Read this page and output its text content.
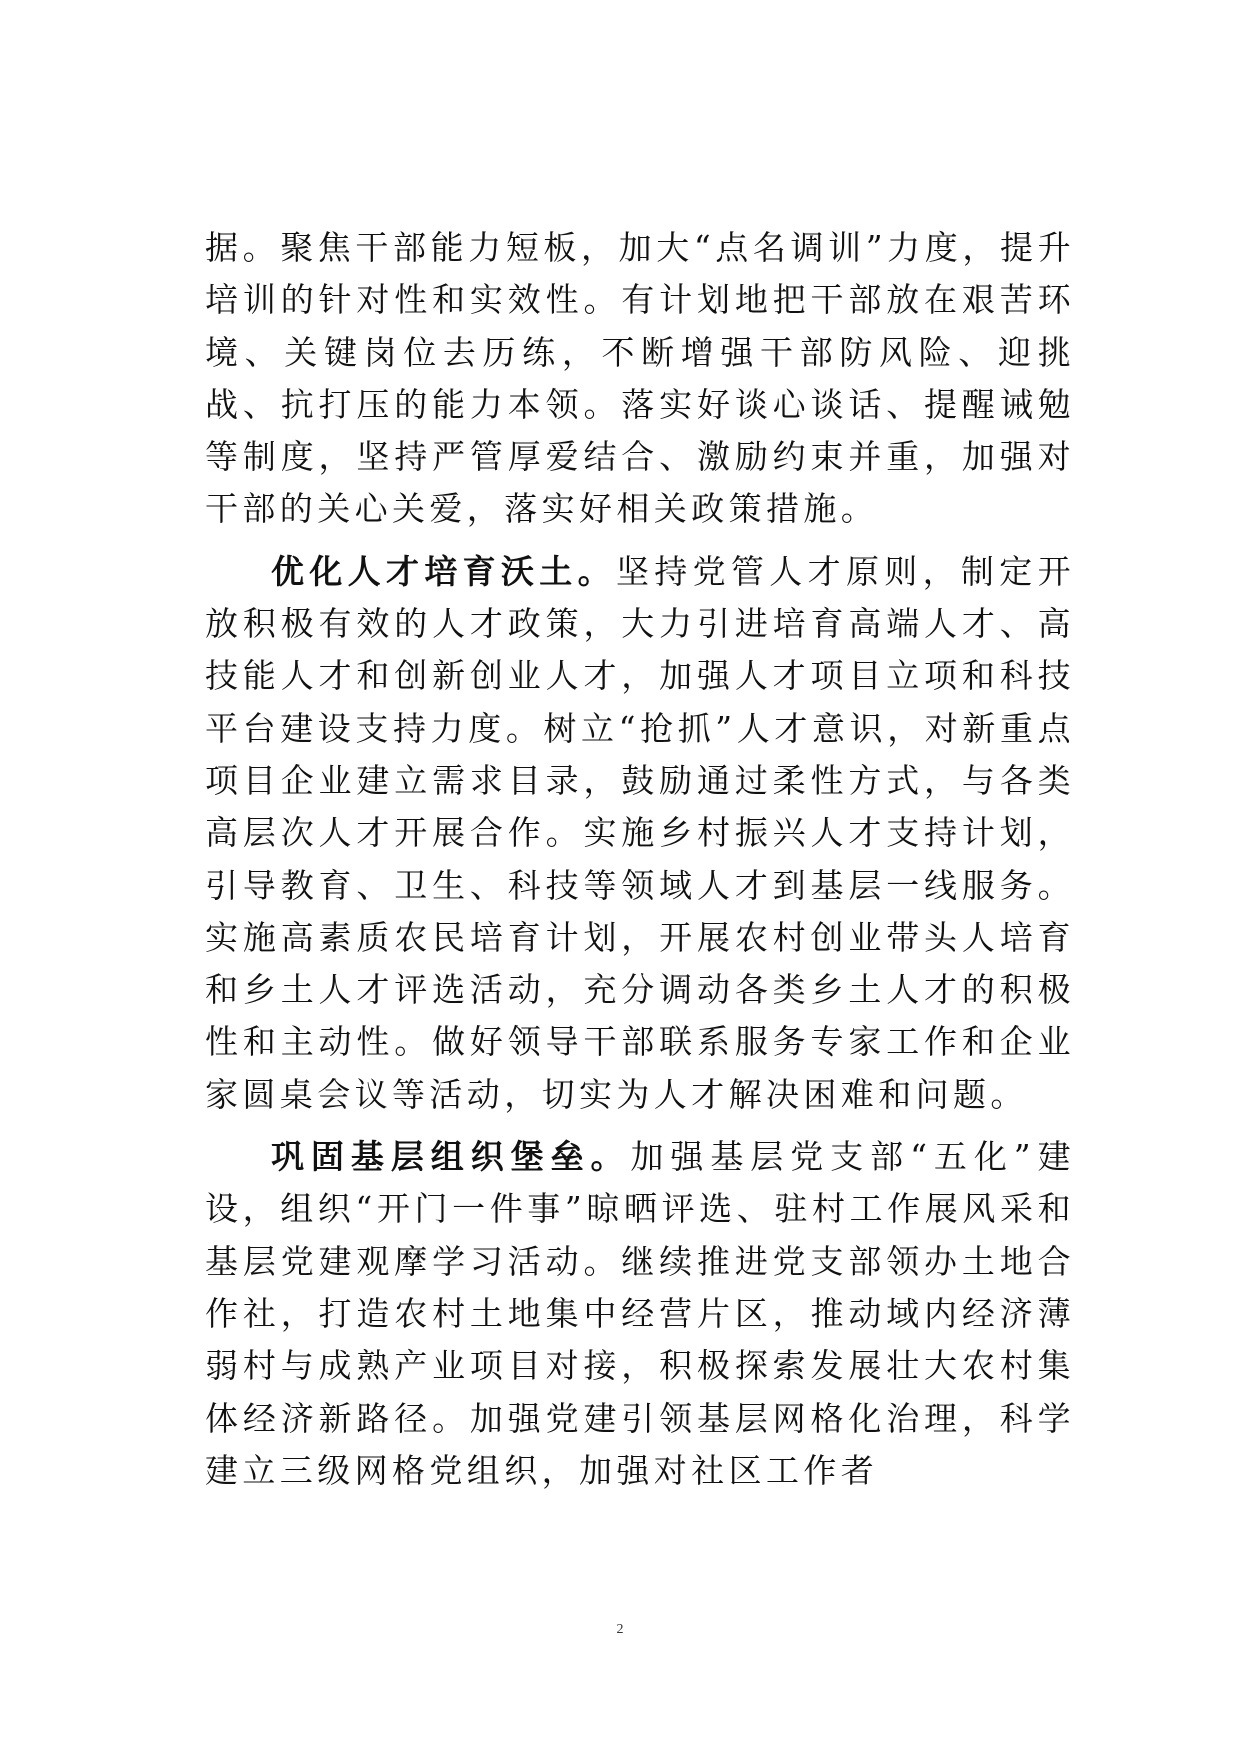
据。聚焦干部能力短板，加大“点名调训”力度，提升培训的针对性和实效性。有计划地把干部放在艰苦环境、关键岗位去历练，不断增强干部防风险、迎挑战、抗打压的能力本领。落实好谈心谈话、提醒诫勉等制度，坚持严管厚爱结合、激励约束并重，加强对干部的关心关爱，落实好相关政策措施。

优化人才培育沃土。坚持党管人才原则，制定开放积极有效的人才政策，大力引进培育高端人才、高技能人才和创新创业人才，加强人才项目立项和科技平台建设支持力度。树立“抢抓”人才意识，对新重点项目企业建立需求目录，鼓励通过柔性方式，与各类高层次人才开展合作。实施乡村振兴人才支持计划，引导教育、卫生、科技等领域人才到基层一线服务。实施高素质农民培育计划，开展农村创业带头人培育和乡土人才评选活动，充分调动各类乡土人才的积极性和主动性。做好领导干部联系服务专家工作和企业家圆桌会议等活动，切实为人才解决困难和问题。

巩固基层组织堡垒。加强基层党支部“五化”建设，组织“开门一件事”晾晒评选、驻村工作展风采和基层党建观摩学习活动。继续推进党支部领办土地合作社，打造农村土地集中经营片区，推动域内经济薄弱村与成熟产业项目对接，积极探索发展壮大农村集体经济新路径。加强党建引领基层网格化治理，科学建立三级网格党组织，加强对社区工作者

2
